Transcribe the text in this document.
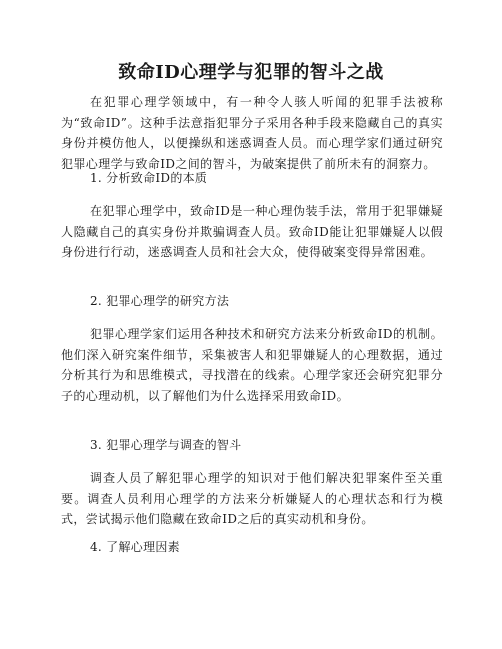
致命ID心理学与犯罪的智斗之战

在犯罪心理学领域中，有一种令人骇人听闻的犯罪手法被称为“致命ID”。这种手法意指犯罪分子采用各种手段来隐藏自己的真实身份并模仿他人，以便操纵和迷惑调查人员。而心理学家们通过研究犯罪心理学与致命ID之间的智斗，为破案提供了前所未有的洞察力。

1. 分析致命ID的本质

在犯罪心理学中，致命ID是一种心理伪装手法，常用于犯罪嫌疑人隐藏自己的真实身份并欺骗调查人员。致命ID能让犯罪嫌疑人以假身份进行行动，迷惑调查人员和社会大众，使得破案变得异常困难。

2. 犯罪心理学的研究方法

犯罪心理学家们运用各种技术和研究方法来分析致命ID的机制。他们深入研究案件细节，采集被害人和犯罪嫌疑人的心理数据，通过分析其行为和思维模式，寻找潜在的线索。心理学家还会研究犯罪分子的心理动机，以了解他们为什么选择采用致命ID。

3. 犯罪心理学与调查的智斗

调查人员了解犯罪心理学的知识对于他们解决犯罪案件至关重要。调查人员利用心理学的方法来分析嫌疑人的心理状态和行为模式，尝试揭示他们隐藏在致命ID之后的真实动机和身份。

4. 了解心理因素
